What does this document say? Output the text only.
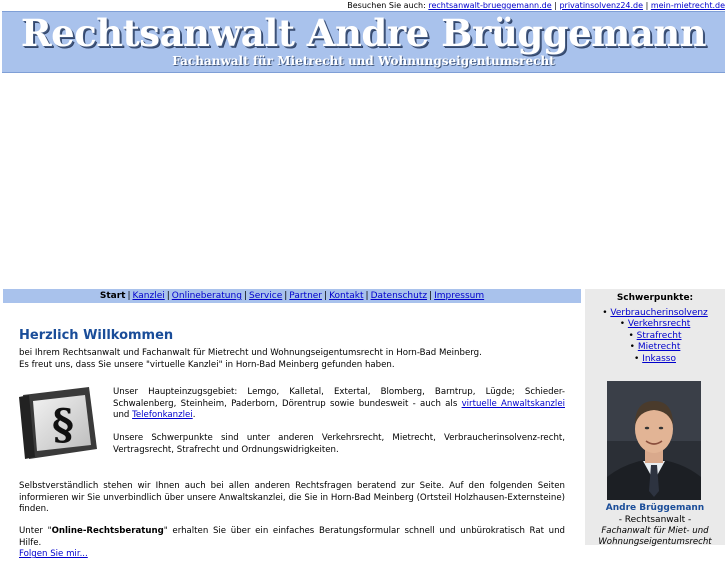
Besuchen Sie auch: rechtsanwalt-brueggemann.de | privatinsolvenz24.de | mein-mietrecht.de
Rechtsanwalt Andre Brüggemann
Fachanwalt für Mietrecht und Wohnungseigentumsrecht
Start | Kanzlei | Onlineberatung | Service | Partner | Kontakt | Datenschutz | Impressum
Herzlich Willkommen

bei Ihrem Rechtsanwalt und Fachanwalt für Mietrecht und Wohnungseigentumsrecht in Horn-Bad Meinberg.

Es freut uns, dass Sie unsere "virtuelle Kanzlei" in Horn-Bad Meinberg gefunden haben.

§

Unser Haupteinzugsgebiet: Lemgo, Kalletal, Extertal, Blomberg, Barntrup, Lügde; Schieder-Schwalenberg, Steinheim, Paderborn, Dörentrup sowie bundesweit - auch als virtuelle Anwaltskanzlei und Telefonkanzlei.

Unsere Schwerpunkte sind unter anderen Verkehrsrecht, Mietrecht, Verbraucherinsolvenz-recht, Vertragsrecht, Strafrecht und Ordnungswidrigkeiten.

Selbstverständlich stehen wir Ihnen auch bei allen anderen Rechtsfragen beratend zur Seite. Auf den folgenden Seiten informieren wir Sie unverbindlich über unsere Anwaltskanzlei, die Sie in Horn-Bad Meinberg (Ortsteil Holzhausen-Externsteine) finden.

Unter "Online-Rechtsberatung" erhalten Sie über ein einfaches Beratungsformular schnell und unbürokratisch Rat und Hilfe.

Folgen Sie mir...

Schwerpunkte:
• Verbraucherinsolvenz
• Verkehrsrecht
• Strafrecht
• Mietrecht
• Inkasso
Andre Brüggemann
- Rechtsanwalt -
Fachanwalt für Miet- und Wohnungseigentumsrecht
